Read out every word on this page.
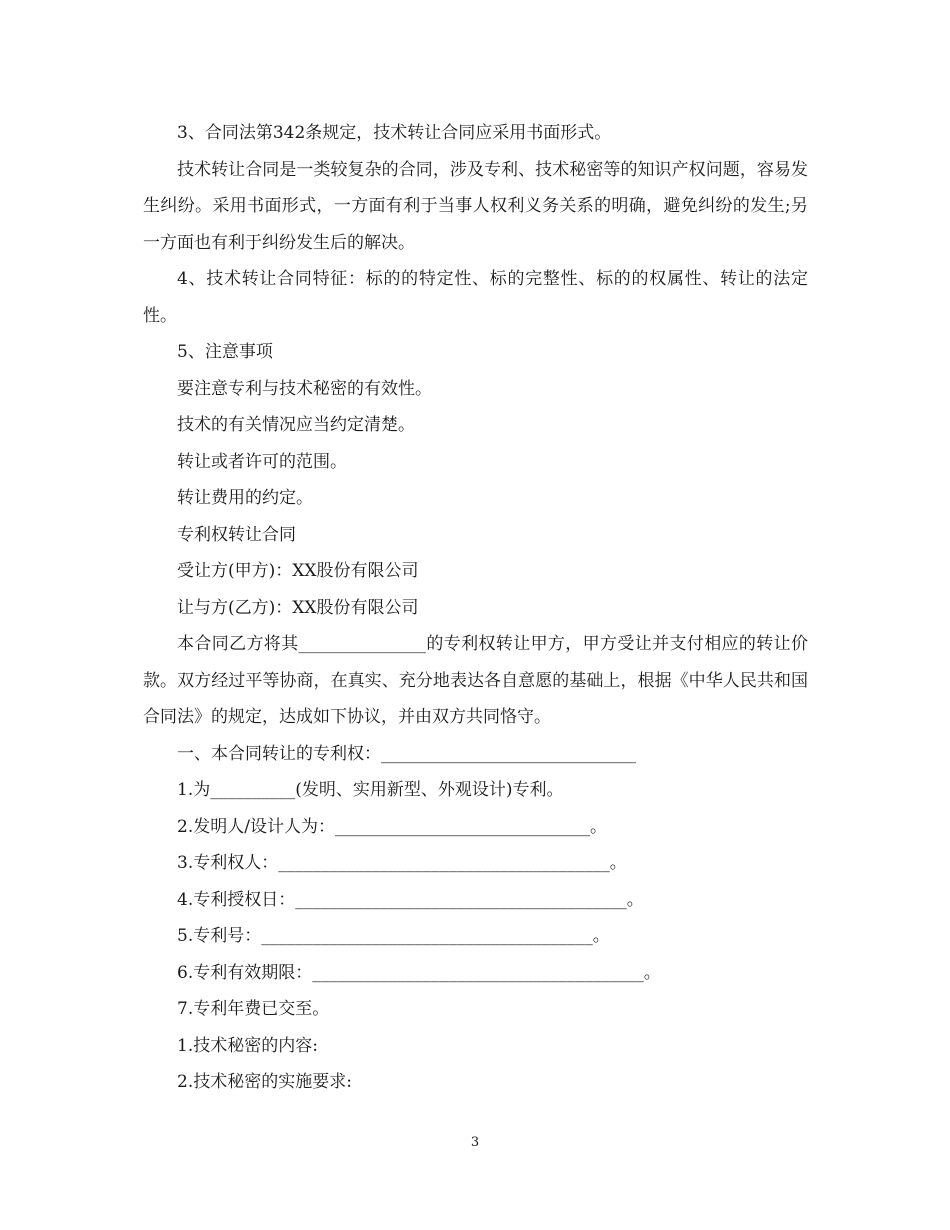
3、合同法第342条规定，技术转让合同应采用书面形式。

技术转让合同是一类较复杂的合同，涉及专利、技术秘密等的知识产权问题，容易发生纠纷。采用书面形式，一方面有利于当事人权利义务关系的明确，避免纠纷的发生;另一方面也有利于纠纷发生后的解决。

4、技术转让合同特征：标的的特定性、标的完整性、标的的权属性、转让的法定性。

5、注意事项

要注意专利与技术秘密的有效性。

技术的有关情况应当约定清楚。

转让或者许可的范围。

转让费用的约定。

专利权转让合同

受让方(甲方)：XX股份有限公司

让与方(乙方)：XX股份有限公司

本合同乙方将其_______________的专利权转让甲方，甲方受让并支付相应的转让价款。双方经过平等协商，在真实、充分地表达各自意愿的基础上，根据《中华人民共和国合同法》的规定，达成如下协议，并由双方共同恪守。

一、本合同转让的专利权：______________________________

1.为__________(发明、实用新型、外观设计)专利。

2.发明人/设计人为：______________________________。

3.专利权人：_______________________________________。

4.专利授权日：_______________________________________。

5.专利号：_______________________________________。

6.专利有效期限：_______________________________________。

7.专利年费已交至。

1.技术秘密的内容:

2.技术秘密的实施要求:

3
